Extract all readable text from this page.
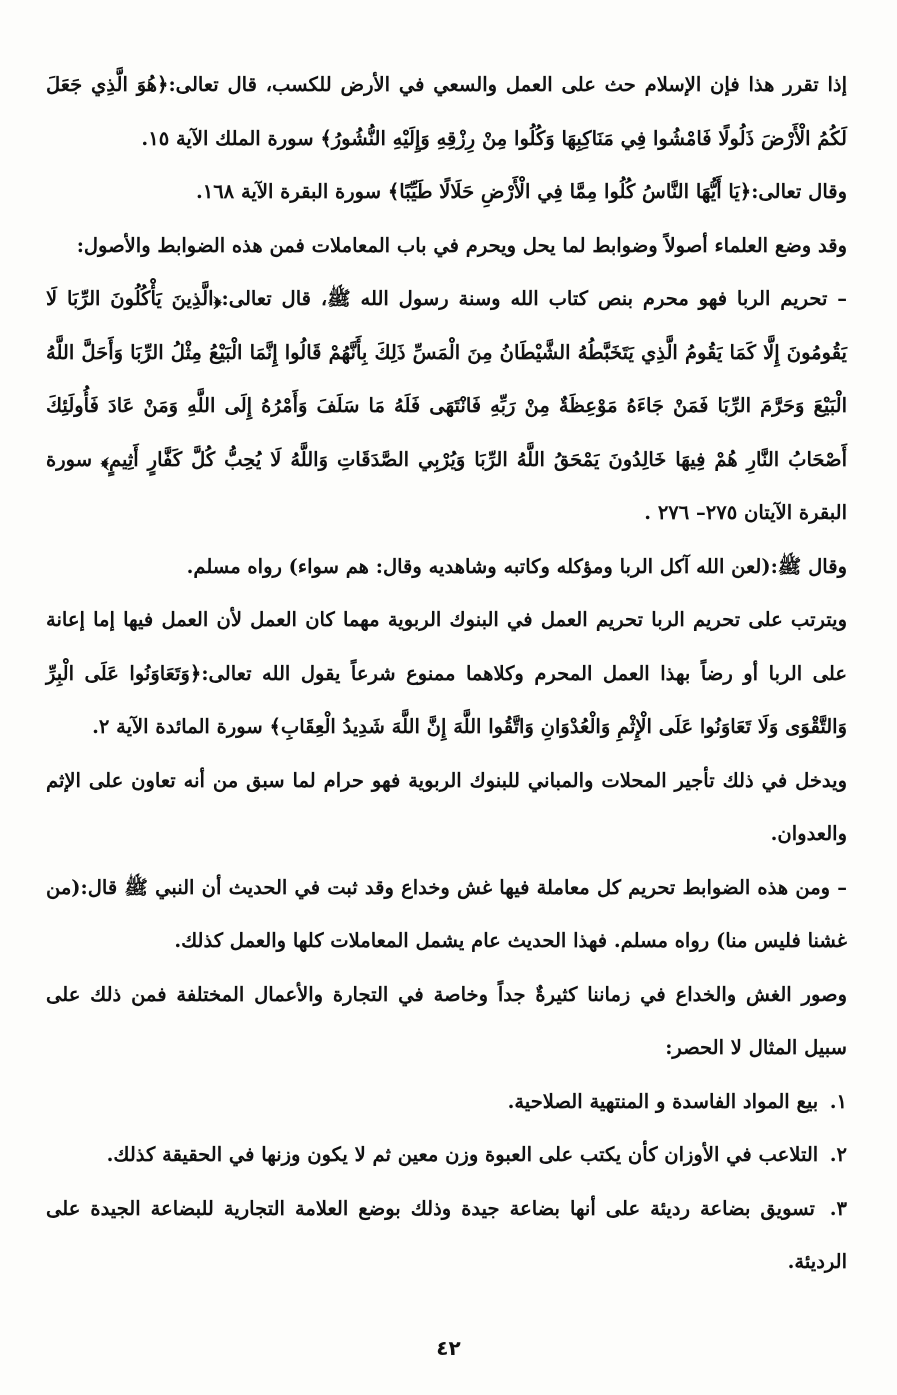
إذا تقرر هذا فإن الإسلام حث على العمل والسعي في الأرض للكسب، قال تعالى:﴿هُوَ الَّذِي جَعَلَ لَكُمُ الْأَرْضَ ذَلُولًا فَامْشُوا فِي مَنَاكِبِهَا وَكُلُوا مِنْ رِزْقِهِ وَإِلَيْهِ النُّشُورُ﴾ سورة الملك الآية ١٥.

وقال تعالى:﴿يَا أَيُّهَا النَّاسُ كُلُوا مِمَّا فِي الْأَرْضِ حَلَالًا طَيِّبًا﴾ سورة البقرة الآية ١٦٨.

وقد وضع العلماء أصولاً وضوابط لما يحل ويحرم في باب المعاملات فمن هذه الضوابط والأصول:

– تحريم الربا فهو محرم بنص كتاب الله وسنة رسول الله ﷺ، قال تعالى:﴿الَّذِينَ يَأْكُلُونَ الرِّبَا لَا يَقُومُونَ إِلَّا كَمَا يَقُومُ الَّذِي يَتَخَبَّطُهُ الشَّيْطَانُ مِنَ الْمَسِّ ذَلِكَ بِأَنَّهُمْ قَالُوا إِنَّمَا الْبَيْعُ مِثْلُ الرِّبَا وَأَحَلَّ اللَّهُ الْبَيْعَ وَحَرَّمَ الرِّبَا فَمَنْ جَاءَهُ مَوْعِظَةٌ مِنْ رَبِّهِ فَانْتَهَى فَلَهُ مَا سَلَفَ وَأَمْرُهُ إِلَى اللَّهِ وَمَنْ عَادَ فَأُولَئِكَ أَصْحَابُ النَّارِ هُمْ فِيهَا خَالِدُونَ يَمْحَقُ اللَّهُ الرِّبَا وَيُرْبِي الصَّدَقَاتِ وَاللَّهُ لَا يُحِبُّ كُلَّ كَفَّارٍ أَثِيمٍ﴾ سورة البقرة الآيتان ٢٧٥– ٢٧٦ .

وقال ﷺ:(لعن الله آكل الربا ومؤكله وكاتبه وشاهديه وقال: هم سواء) رواه مسلم.

ويترتب على تحريم الربا تحريم العمل في البنوك الربوية مهما كان العمل لأن العمل فيها إما إعانة على الربا أو رضاً بهذا العمل المحرم وكلاهما ممنوع شرعاً يقول الله تعالى:﴿وَتَعَاوَنُوا عَلَى الْبِرِّ وَالتَّقْوَى وَلَا تَعَاوَنُوا عَلَى الْإِثْمِ وَالْعُدْوَانِ وَاتَّقُوا اللَّهَ إِنَّ اللَّهَ شَدِيدُ الْعِقَابِ﴾ سورة المائدة الآية ٢.

ويدخل في ذلك تأجير المحلات والمباني للبنوك الربوية فهو حرام لما سبق من أنه تعاون على الإثم والعدوان.

– ومن هذه الضوابط تحريم كل معاملة فيها غش وخداع وقد ثبت في الحديث أن النبي ﷺ قال:(من غشنا فليس منا) رواه مسلم. فهذا الحديث عام يشمل المعاملات كلها والعمل كذلك.

وصور الغش والخداع في زماننا كثيرةٌ جداً وخاصة في التجارة والأعمال المختلفة فمن ذلك على سبيل المثال لا الحصر:

١. بيع المواد الفاسدة و المنتهية الصلاحية.

٢. التلاعب في الأوزان كأن يكتب على العبوة وزن معين ثم لا يكون وزنها في الحقيقة كذلك.

٣. تسويق بضاعة رديئة على أنها بضاعة جيدة وذلك بوضع العلامة التجارية للبضاعة الجيدة على الرديئة.

٤٢
